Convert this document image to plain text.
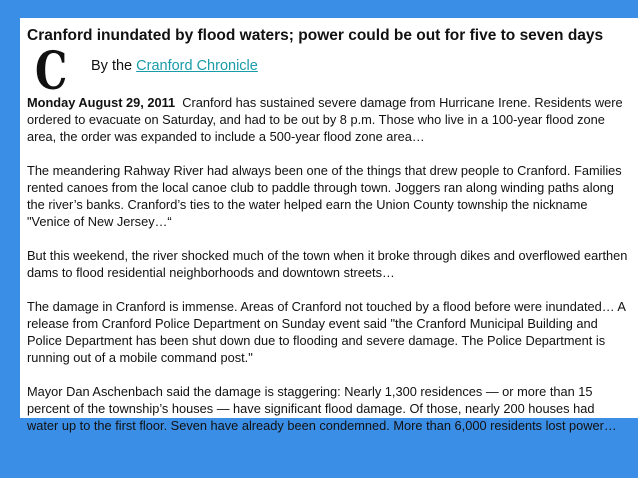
Cranford inundated by flood waters; power could be out for five to seven days
C By the Cranford Chronicle

Monday August 29, 2011 Cranford has sustained severe damage from Hurricane Irene. Residents were ordered to evacuate on Saturday, and had to be out by 8 p.m. Those who live in a 100-year flood zone area, the order was expanded to include a 500-year flood zone area…

The meandering Rahway River had always been one of the things that drew people to Cranford. Families rented canoes from the local canoe club to paddle through town. Joggers ran along winding paths along the river’s banks. Cranford’s ties to the water helped earn the Union County township the nickname "Venice of New Jersey…“

But this weekend, the river shocked much of the town when it broke through dikes and overflowed earthen dams to flood residential neighborhoods and downtown streets…

The damage in Cranford is immense. Areas of Cranford not touched by a flood before were inundated… A release from Cranford Police Department on Sunday event said "the Cranford Municipal Building and Police Department has been shut down due to flooding and severe damage. The Police Department is running out of a mobile command post."

Mayor Dan Aschenbach said the damage is staggering: Nearly 1,300 residences — or more than 15 percent of the township’s houses — have significant flood damage. Of those, nearly 200 houses had water up to the first floor. Seven have already been condemned. More than 6,000 residents lost power…
